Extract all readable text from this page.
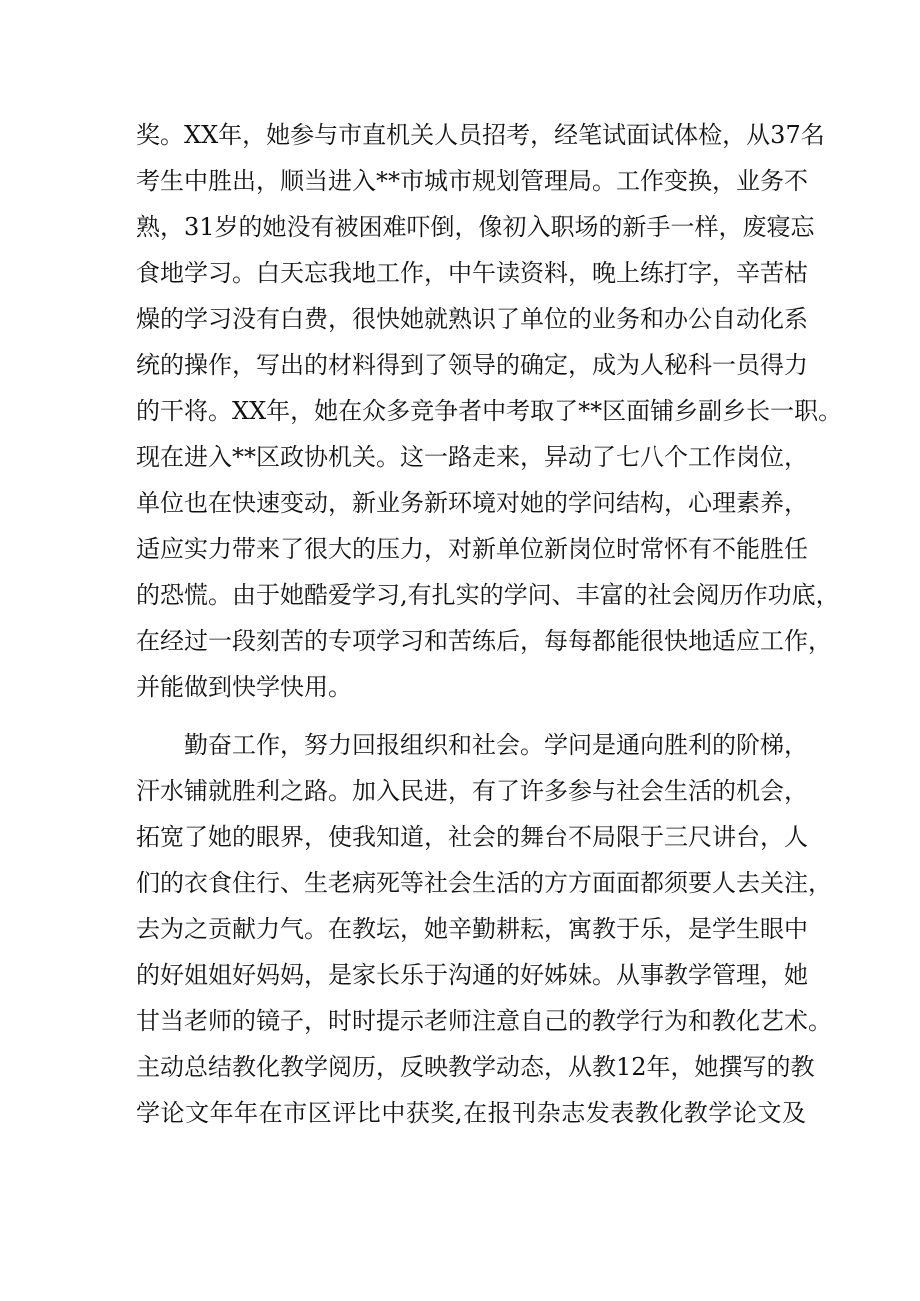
奖。XX年，她参与市直机关人员招考，经笔试面试体检，从37名
考生中胜出，顺当进入**市城市规划管理局。工作变换，业务不
熟，31岁的她没有被困难吓倒，像初入职场的新手一样，废寝忘
食地学习。白天忘我地工作，中午读资料，晚上练打字，辛苦枯
燥的学习没有白费，很快她就熟识了单位的业务和办公自动化系
统的操作，写出的材料得到了领导的确定，成为人秘科一员得力
的干将。XX年，她在众多竞争者中考取了**区面铺乡副乡长一职。
现在进入**区政协机关。这一路走来，异动了七八个工作岗位，
单位也在快速变动，新业务新环境对她的学问结构，心理素养，
适应实力带来了很大的压力，对新单位新岗位时常怀有不能胜任
的恐慌。由于她酷爱学习,有扎实的学问、丰富的社会阅历作功底，
在经过一段刻苦的专项学习和苦练后，每每都能很快地适应工作，
并能做到快学快用。
勤奋工作，努力回报组织和社会。学问是通向胜利的阶梯，
汗水铺就胜利之路。加入民进，有了许多参与社会生活的机会，
拓宽了她的眼界，使我知道，社会的舞台不局限于三尺讲台，人
们的衣食住行、生老病死等社会生活的方方面面都须要人去关注，
去为之贡献力气。在教坛，她辛勤耕耘，寓教于乐，是学生眼中
的好姐姐好妈妈，是家长乐于沟通的好姊妹。从事教学管理，她
甘当老师的镜子，时时提示老师注意自己的教学行为和教化艺术。
主动总结教化教学阅历，反映教学动态，从教12年，她撰写的教
学论文年年在市区评比中获奖,在报刊杂志发表教化教学论文及
